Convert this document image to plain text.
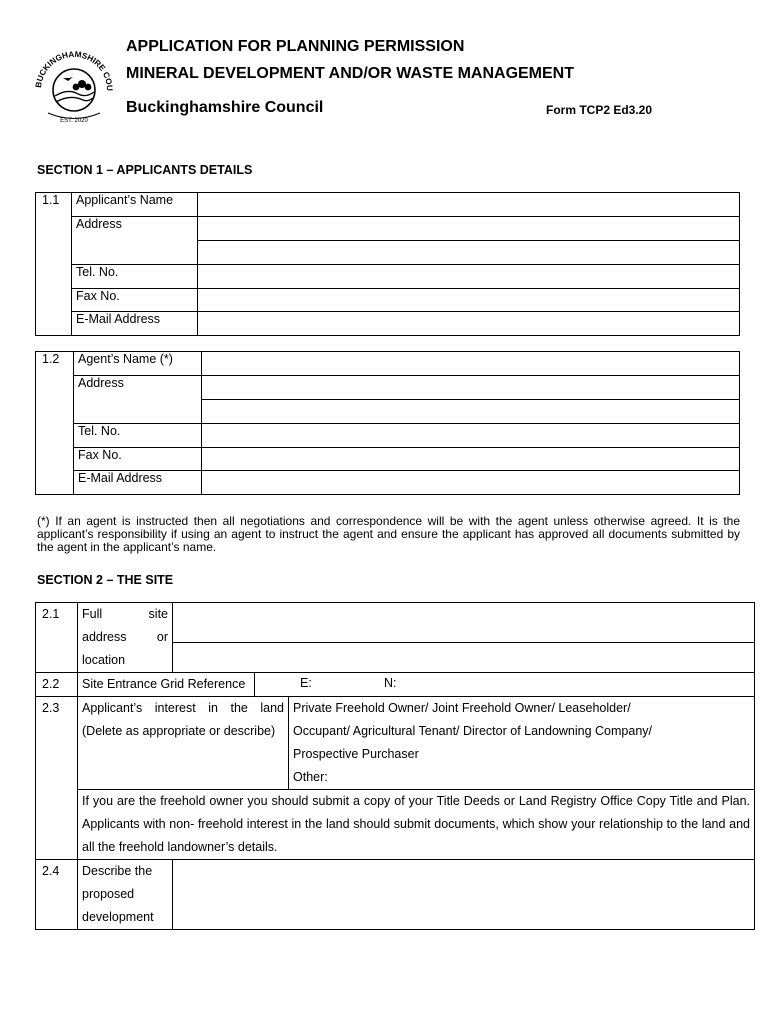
BUCKINGHAMSHIRE COU
EST. 2020
APPLICATION FOR PLANNING PERMISSION
MINERAL DEVELOPMENT AND/OR WASTE MANAGEMENT
Buckinghamshire Council	Form TCP2 Ed3.20
SECTION 1 – APPLICANTS DETAILS
1.1	Applicant’s Name	
	Address	

	Tel. No.	
	Fax No.	
	E-Mail Address	
1.2	Agent’s Name (*)	
	Address	

	Tel. No.	
	Fax No.	
	E-Mail Address	
(*) If an agent is instructed then all negotiations and correspondence will be with the agent unless otherwise agreed. It is the applicant’s responsibility if using an agent to instruct the agent and ensure the applicant has approved all documents submitted by the agent in the applicant’s name.
SECTION 2 – THE SITE
2.1	Full site address or location			

2.2	Site Entrance Grid Reference		E: N:	

2.3	Applicant’s interest in the land (Delete as appropriate or describe)			Private Freehold Owner/ Joint Freehold Owner/ Leaseholder/
Occupant/ Agricultural Tenant/ Director of Landowning Company/
Prospective Purchaser
Other:

	If you are the freehold owner you should submit a copy of your Title Deeds or Land Registry Office Copy Title and Plan. Applicants with non- freehold interest in the land should submit documents, which show your relationship to the land and all the freehold landowner’s details.			
2.4	Describe the proposed development			
